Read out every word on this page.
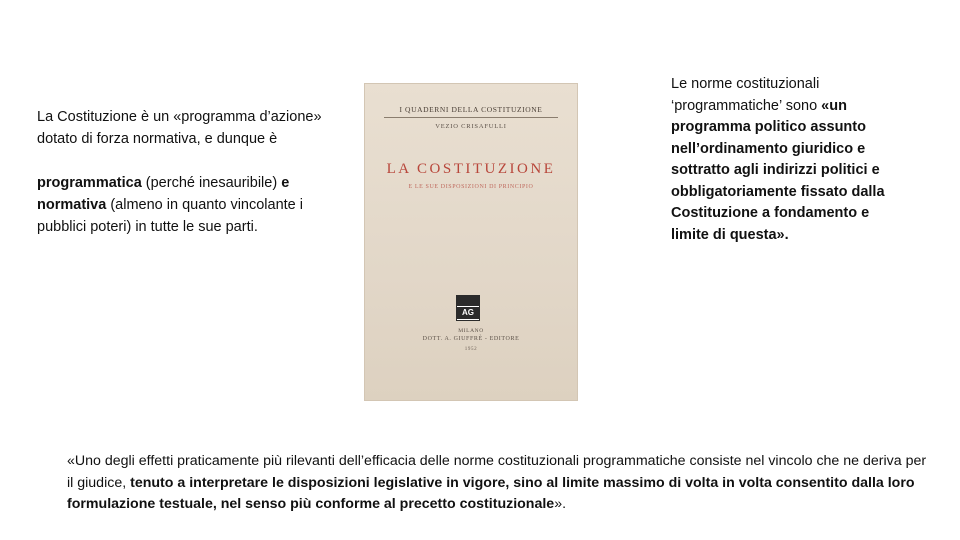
La Costituzione è un «programma d’azione» dotato di forza normativa, e dunque è

programmatica (perché inesauribile) e normativa (almeno in quanto vincolante i pubblici poteri) in tutte le sue parti.

I QUADERNI DELLA COSTITUZIONE
VEZIO CRISAFULLI
LA COSTITUZIONE
E LE SUE DISPOSIZIONI DI PRINCIPIO
AG
MILANO
DOTT. A. GIUFFRÈ - EDITORE
1952
Le norme costituzionali ‘programmatiche’ sono «un programma politico assunto nell’ordinamento giuridico e sottratto agli indirizzi politici e obbligatoriamente fissato dalla Costituzione a fondamento e limite di questa».
«Uno degli effetti praticamente più rilevanti dell’efficacia delle norme costituzionali programmatiche consiste nel vincolo che ne deriva per il giudice, tenuto a interpretare le disposizioni legislative in vigore, sino al limite massimo di volta in volta consentito dalla loro formulazione testuale, nel senso più conforme al precetto costituzionale».
